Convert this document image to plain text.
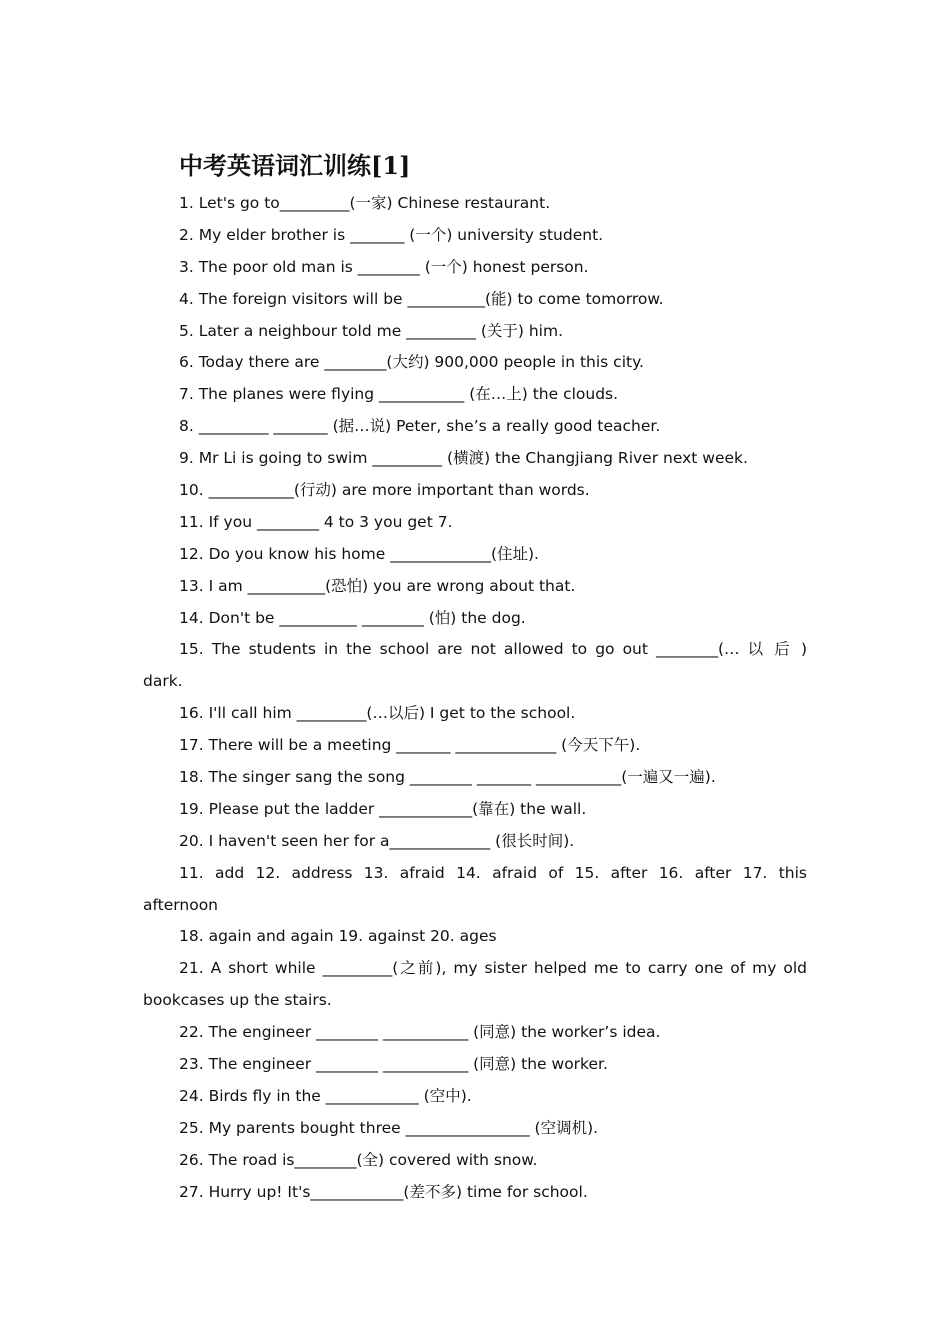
中考英语词汇训练[1]
1. Let's go to_________(一家) Chinese restaurant.
2. My elder brother is _______ (一个) university student.
3. The poor old man is ________ (一个) honest person.
4. The foreign visitors will be __________(能) to come tomorrow.
5. Later a neighbour told me _________ (关于) him.
6. Today there are ________(大约) 900,000 people in this city.
7. The planes were flying ___________ (在…上) the clouds.
8. _________ _______ (据…说) Peter, she’s a really good teacher.
9. Mr Li is going to swim _________ (横渡) the Changjiang River next week.
10. ___________(行动) are more important than words.
11. If you ________ 4 to 3 you get 7.
12. Do you know his home _____________(住址).
13. I am __________(恐怕) you are wrong about that.
14. Don't be __________ ________ (怕) the dog.
15. The students in the school are not allowed to go out ________(… 以 后 )
dark.
16. I'll call him _________(…以后) I get to the school.
17. There will be a meeting _______ _____________ (今天下午).
18. The singer sang the song ________ _______ ___________(一遍又一遍).
19. Please put the ladder ____________(靠在) the wall.
20. I haven't seen her for a_____________ (很长时间).
11. add 12. address 13. afraid 14. afraid of 15. after 16. after 17. this
afternoon
18. again and again 19. against 20. ages
21. A short while _________(之前), my sister helped me to carry one of my old
bookcases up the stairs.
22. The engineer ________ ___________ (同意) the worker’s idea.
23. The engineer ________ ___________ (同意) the worker.
24. Birds fly in the ____________ (空中).
25. My parents bought three ________________ (空调机).
26. The road is________(全) covered with snow.
27. Hurry up! It's____________(差不多) time for school.
